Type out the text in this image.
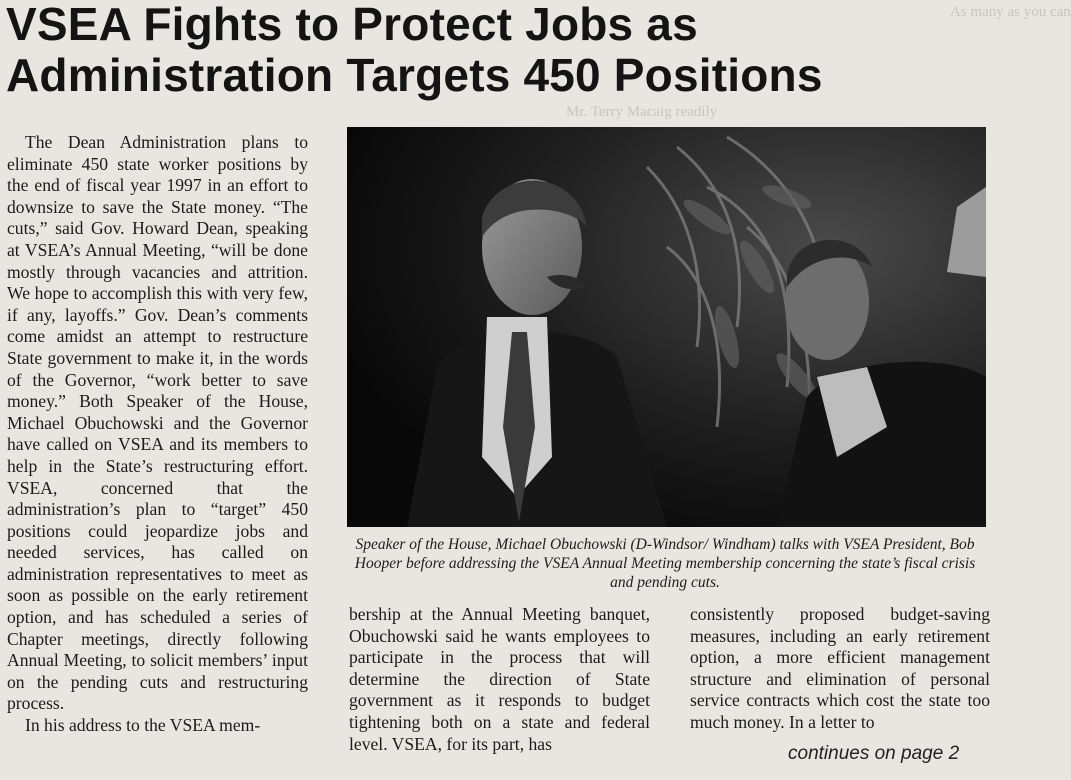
As many as you can
Mr. Terry Macaig readily
VSEA Fights to Protect Jobs as
Administration Targets 450 Positions

The Dean Administration plans to eliminate 450 state worker positions by the end of fiscal year 1997 in an effort to downsize to save the State money. “The cuts,” said Gov. Howard Dean, speaking at VSEA’s Annual Meeting, “will be done mostly through vacancies and attrition. We hope to accomplish this with very few, if any, layoffs.” Gov. Dean’s comments come amidst an attempt to restructure State government to make it, in the words of the Governor, “work better to save money.” Both Speaker of the House, Michael Obuchowski and the Governor have called on VSEA and its members to help in the State’s restructuring effort. VSEA, concerned that the administration’s plan to “target” 450 positions could jeopardize jobs and needed services, has called on administration representatives to meet as soon as possible on the early retirement option, and has scheduled a series of Chapter meetings, directly following Annual Meeting, to solicit members’ input on the pending cuts and restructuring process.

In his address to the VSEA mem-

Speaker of the House, Michael Obuchowski (D-Windsor/ Windham) talks with VSEA President, Bob Hooper before addressing the VSEA Annual Meeting membership concerning the state’s fiscal crisis and pending cuts.

bership at the Annual Meeting banquet, Obuchowski said he wants employees to participate in the process that will determine the direction of State government as it responds to budget tightening both on a state and federal level. VSEA, for its part, has

consistently proposed budget-saving measures, including an early retirement option, a more efficient management structure and elimination of personal service contracts which cost the state too much money. In a letter to

continues on page 2
